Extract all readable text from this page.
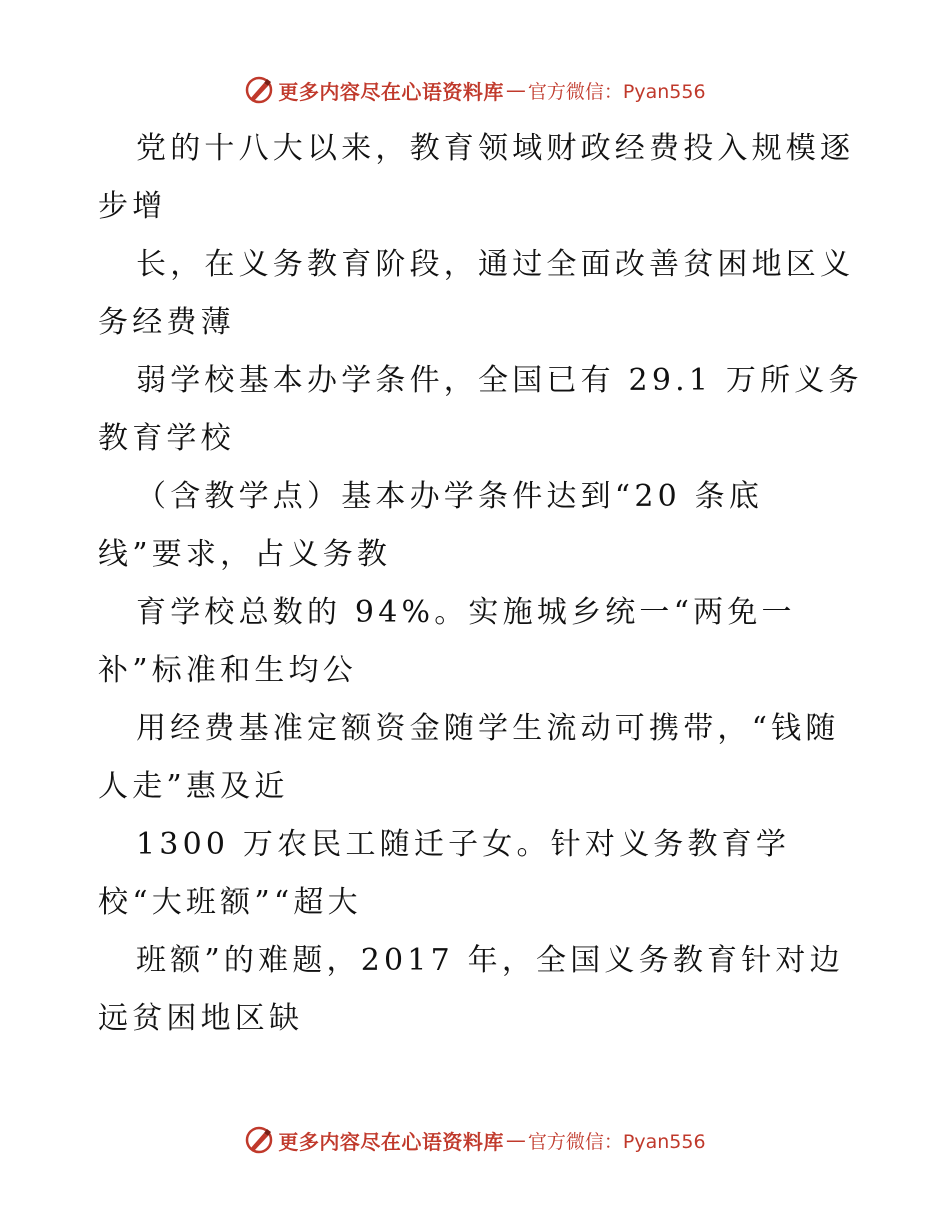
更多内容尽在心语资料库 — 官方微信：Pyan556

党的十八大以来，教育领域财政经费投入规模逐
步增

长，在义务教育阶段，通过全面改善贫困地区义
务经费薄

弱学校基本办学条件，全国已有 29.1 万所义务
教育学校

（含教学点）基本办学条件达到“20 条底
线”要求，占义务教

育学校总数的 94%。实施城乡统一“两免一
补”标准和生均公

用经费基准定额资金随学生流动可携带，“钱随
人走”惠及近

1300 万农民工随迁子女。针对义务教育学
校“大班额”“超大

班额”的难题，2017 年，全国义务教育针对边
远贫困地区缺

更多内容尽在心语资料库 — 官方微信：Pyan556
